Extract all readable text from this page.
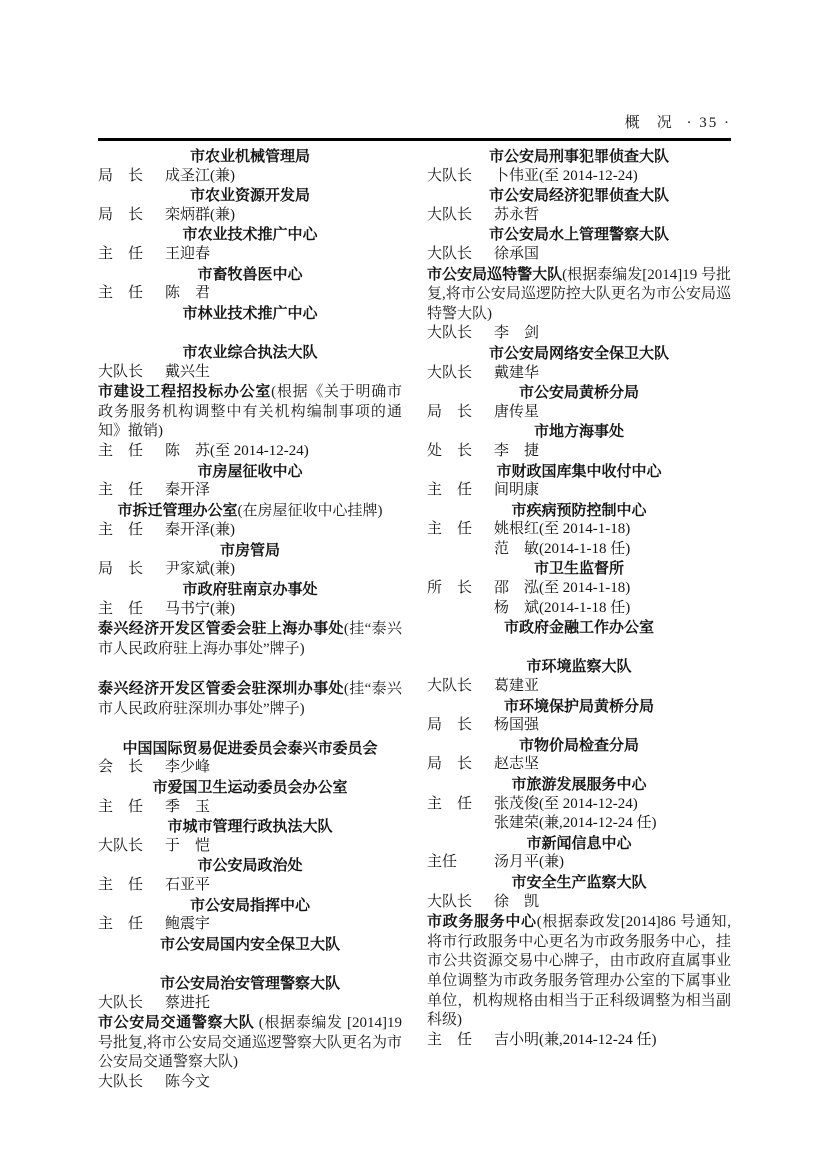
概　况 · 35 ·
市农业机械管理局
局　长	成圣江(兼)
市农业资源开发局
局　长	栾炳群(兼)
市农业技术推广中心
主　任	王迎春
市畜牧兽医中心
主　任	陈　君
市林业技术推广中心
市农业综合执法大队
大队长	戴兴生

市建设工程招投标办公室(根据《关于明确市政务服务机构调整中有关机构编制事项的通知》撤销)

主　任	陈　苏(至 2014-12-24)
市房屋征收中心
主　任	秦开泽

市拆迁管理办公室(在房屋征收中心挂牌)

主　任	秦开泽(兼)
市房管局
局　长	尹家斌(兼)
市政府驻南京办事处
主　任	马书宁(兼)

泰兴经济开发区管委会驻上海办事处(挂“泰兴市人民政府驻上海办事处”牌子)

泰兴经济开发区管委会驻深圳办事处(挂“泰兴市人民政府驻深圳办事处”牌子)

中国国际贸易促进委员会泰兴市委员会
会　长	李少峰
市爱国卫生运动委员会办公室
主　任	季　玉
市城市管理行政执法大队
大队长	于　恺
市公安局政治处
主　任	石亚平
市公安局指挥中心
主　任	鲍震宇
市公安局国内安全保卫大队
市公安局治安管理警察大队
大队长	蔡进托

市公安局交通警察大队 (根据泰编发 [2014]19 号批复,将市公安局交通巡逻警察大队更名为市公安局交通警察大队)

大队长	陈今文
市公安局刑事犯罪侦查大队
大队长	卜伟亚(至 2014-12-24)
市公安局经济犯罪侦查大队
大队长	苏永哲
市公安局水上管理警察大队
大队长	徐承国

市公安局巡特警大队(根据泰编发[2014]19 号批复,将市公安局巡逻防控大队更名为市公安局巡特警大队)

大队长	李　剑
市公安局网络安全保卫大队
大队长	戴建华
市公安局黄桥分局
局　长	唐传星
市地方海事处
处　长	李　捷
市财政国库集中收付中心
主　任	间明康
市疾病预防控制中心
主　任	姚根红(至 2014-1-18)
范　敏(2014-1-18 任)
市卫生监督所
所　长	邵　泓(至 2014-1-18)
杨　斌(2014-1-18 任)
市政府金融工作办公室
市环境监察大队
大队长	葛建亚
市环境保护局黄桥分局
局　长	杨国强
市物价局检查分局
局　长	赵志坚
市旅游发展服务中心
主　任	张茂俊(至 2014-12-24)
张建荣(兼,2014-12-24 任)
市新闻信息中心
主任	汤月平(兼)
市安全生产监察大队
大队长	徐　凯

市政务服务中心(根据泰政发[2014]86 号通知,将市行政服务中心更名为市政务服务中心，挂市公共资源交易中心牌子，由市政府直属事业单位调整为市政务服务管理办公室的下属事业单位，机构规格由相当于正科级调整为相当副科级)

主　任	吉小明(兼,2014-12-24 任)
